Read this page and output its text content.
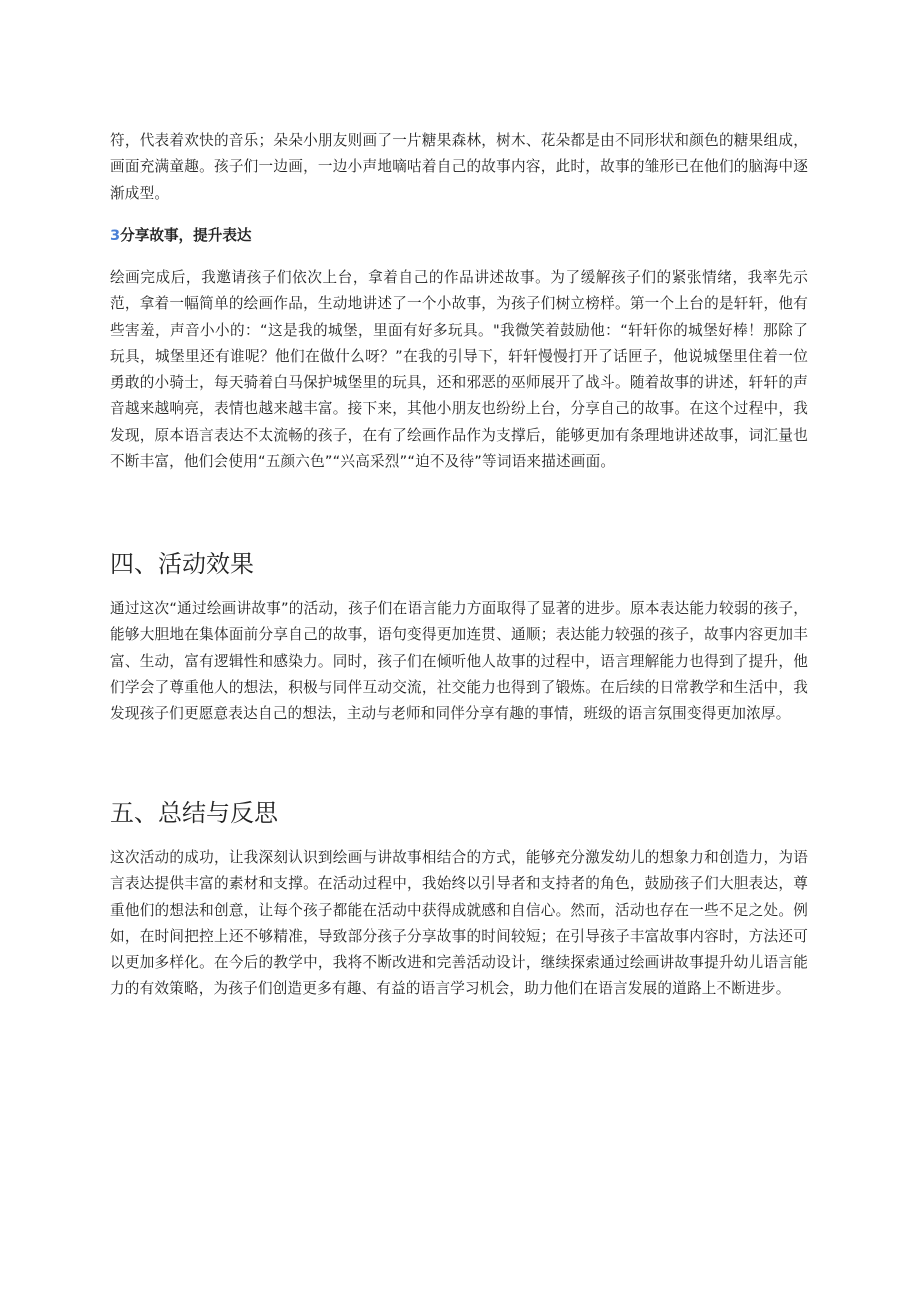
符，代表着欢快的音乐；朵朵小朋友则画了一片糖果森林，树木、花朵都是由不同形状和颜色的糖果组成，画面充满童趣。孩子们一边画，一边小声地嘀咕着自己的故事内容，此时，故事的雏形已在他们的脑海中逐渐成型。

3分享故事，提升表达

绘画完成后，我邀请孩子们依次上台，拿着自己的作品讲述故事。为了缓解孩子们的紧张情绪，我率先示范，拿着一幅简单的绘画作品，生动地讲述了一个小故事，为孩子们树立榜样。第一个上台的是轩轩，他有些害羞，声音小小的：“这是我的城堡，里面有好多玩具。"我微笑着鼓励他：“轩轩你的城堡好棒！那除了玩具，城堡里还有谁呢？他们在做什么呀？”在我的引导下，轩轩慢慢打开了话匣子，他说城堡里住着一位勇敢的小骑士，每天骑着白马保护城堡里的玩具，还和邪恶的巫师展开了战斗。随着故事的讲述，轩轩的声音越来越响亮，表情也越来越丰富。接下来，其他小朋友也纷纷上台，分享自己的故事。在这个过程中，我发现，原本语言表达不太流畅的孩子，在有了绘画作品作为支撑后，能够更加有条理地讲述故事，词汇量也不断丰富，他们会使用“五颜六色”“兴高采烈”“迫不及待”等词语来描述画面。

四、活动效果

通过这次“通过绘画讲故事”的活动，孩子们在语言能力方面取得了显著的进步。原本表达能力较弱的孩子，能够大胆地在集体面前分享自己的故事，语句变得更加连贯、通顺；表达能力较强的孩子，故事内容更加丰富、生动，富有逻辑性和感染力。同时，孩子们在倾听他人故事的过程中，语言理解能力也得到了提升，他们学会了尊重他人的想法，积极与同伴互动交流，社交能力也得到了锻炼。在后续的日常教学和生活中，我发现孩子们更愿意表达自己的想法，主动与老师和同伴分享有趣的事情，班级的语言氛围变得更加浓厚。

五、总结与反思

这次活动的成功，让我深刻认识到绘画与讲故事相结合的方式，能够充分激发幼儿的想象力和创造力，为语言表达提供丰富的素材和支撑。在活动过程中，我始终以引导者和支持者的角色，鼓励孩子们大胆表达，尊重他们的想法和创意，让每个孩子都能在活动中获得成就感和自信心。然而，活动也存在一些不足之处。例如，在时间把控上还不够精准，导致部分孩子分享故事的时间较短；在引导孩子丰富故事内容时，方法还可以更加多样化。在今后的教学中，我将不断改进和完善活动设计，继续探索通过绘画讲故事提升幼儿语言能力的有效策略，为孩子们创造更多有趣、有益的语言学习机会，助力他们在语言发展的道路上不断进步。
